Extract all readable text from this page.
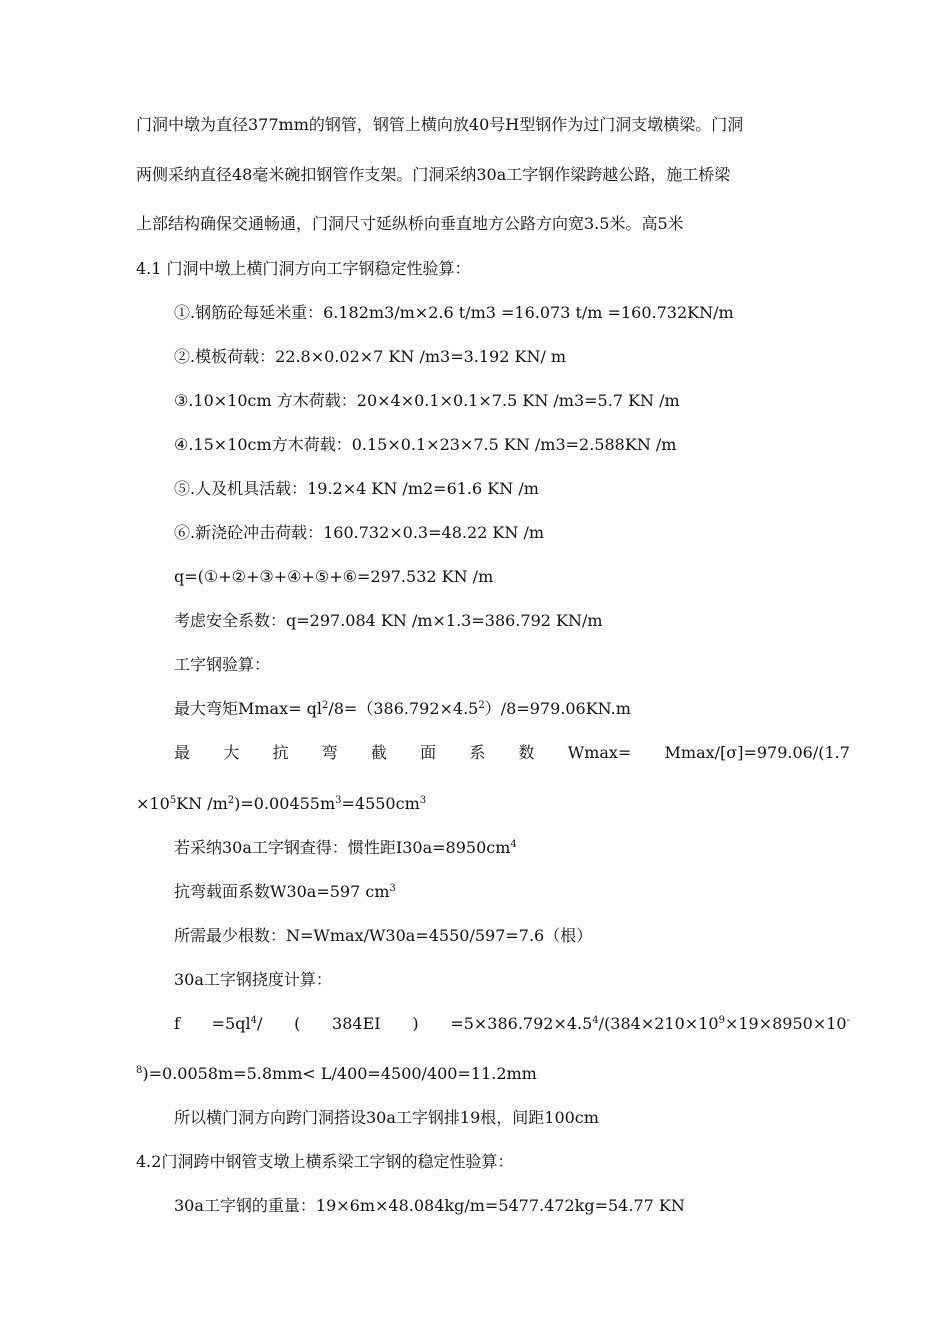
门洞中墩为直径377mm的钢管，钢管上横向放40号H型钢作为过门洞支墩横梁。门洞
两侧采纳直径48毫米碗扣钢管作支架。门洞采纳30a工字钢作梁跨越公路，施工桥梁
上部结构确保交通畅通，门洞尺寸延纵桥向垂直地方公路方向宽3.5米。高5米
4.1 门洞中墩上横门洞方向工字钢稳定性验算：
①.钢筋砼每延米重：6.182m3/m×2.6 t/m3 =16.073 t/m =160.732KN/m
②.模板荷载：22.8×0.02×7 KN /m3=3.192 KN/ m
③.10×10cm 方木荷载：20×4×0.1×0.1×7.5 KN /m3=5.7 KN /m
④.15×10cm方木荷载：0.15×0.1×23×7.5 KN /m3=2.588KN /m
⑤.人及机具活载：19.2×4 KN /m2=61.6 KN /m
⑥.新浇砼冲击荷载：160.732×0.3=48.22 KN /m
q=(①+②+③+④+⑤+⑥=297.532 KN /m
考虑安全系数：q=297.084 KN /m×1.3=386.792 KN/m
工字钢验算：
最大弯矩$Mmax= ql^2/8=(386.792\times 4.5^2)/8=979.06KN.m$
最 大 抗 弯 截 面 系 数 Wmax= Mmax/[σ]=979.06/(1.7
$\times 10^5KN$ $/m^2)=0.00455m^3=4550cm^3$
若采纳30a工字钢查得：惯性距$I30a=8950cm^4$
抗弯载面系数W30a=597 $cm^3$
所需最少根数：N=Wmax/W30a=4550/597=7.6（根）
30a工字钢挠度计算：
$f =5ql^4/$ ( 384EI ) $=5\times 386.792\times 4.5^4/(384\times 210\times 10^9\times 19\times 8950\times 10^-$
$^8$)=0.0058m=5.8mm< L/400=4500/400=11.2mm
所以横门洞方向跨门洞搭设30a工字钢排19根，间距100cm
4.2门洞跨中钢管支墩上横系梁工字钢的稳定性验算：
30a工字钢的重量：19×6m×48.084kg/m=5477.472kg=54.77 KN
